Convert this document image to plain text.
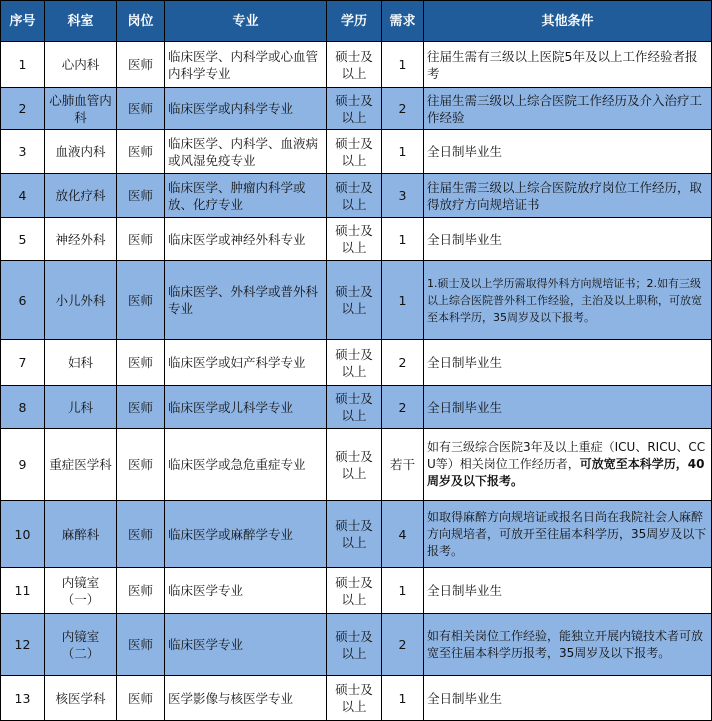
序号	科室	岗位	专业	学历	需求	其他条件
1	心内科	医师	临床医学、内科学或心血管内科学专业	硕士及以上	1	往届生需有三级以上医院5年及以上工作经验者报考
2	心肺血管内科	医师	临床医学或内科学专业	硕士及以上	2	往届生需三级以上综合医院工作经历及介入治疗工作经验
3	血液内科	医师	临床医学、内科学、血液病或风湿免疫专业	硕士及以上	1	全日制毕业生
4	放化疗科	医师	临床医学、肿瘤内科学或放、化疗专业	硕士及以上	3	往届生需三级以上综合医院放疗岗位工作经历，取得放疗方向规培证书
5	神经外科	医师	临床医学或神经外科专业	硕士及以上	1	全日制毕业生
6	小儿外科	医师	临床医学、外科学或普外科专业	硕士及以上	1	1.硕士及以上学历需取得外科方向规培证书；2.如有三级以上综合医院普外科工作经验，主治及以上职称，可放宽至本科学历，35周岁及以下报考。
7	妇科	医师	临床医学或妇产科学专业	硕士及以上	2	全日制毕业生
8	儿科	医师	临床医学或儿科学专业	硕士及以上	2	全日制毕业生
9	重症医学科	医师	临床医学或急危重症专业	硕士及以上	若干	如有三级综合医院3年及以上重症（ICU、RICU、CCU等）相关岗位工作经历者，可放宽至本科学历，40周岁及以下报考。
10	麻醉科	医师	临床医学或麻醉学专业	硕士及以上	4	如取得麻醉方向规培证或报名日尚在我院社会人麻醉方向规培者，可放开至往届本科学历，35周岁及以下报考。
11	内镜室（一）	医师	临床医学专业	硕士及以上	1	全日制毕业生
12	内镜室（二）	医师	临床医学专业	硕士及以上	2	如有相关岗位工作经验，能独立开展内镜技术者可放宽至往届本科学历报考，35周岁及以下报考。
13	核医学科	医师	医学影像与核医学专业	硕士及以上	1	全日制毕业生
